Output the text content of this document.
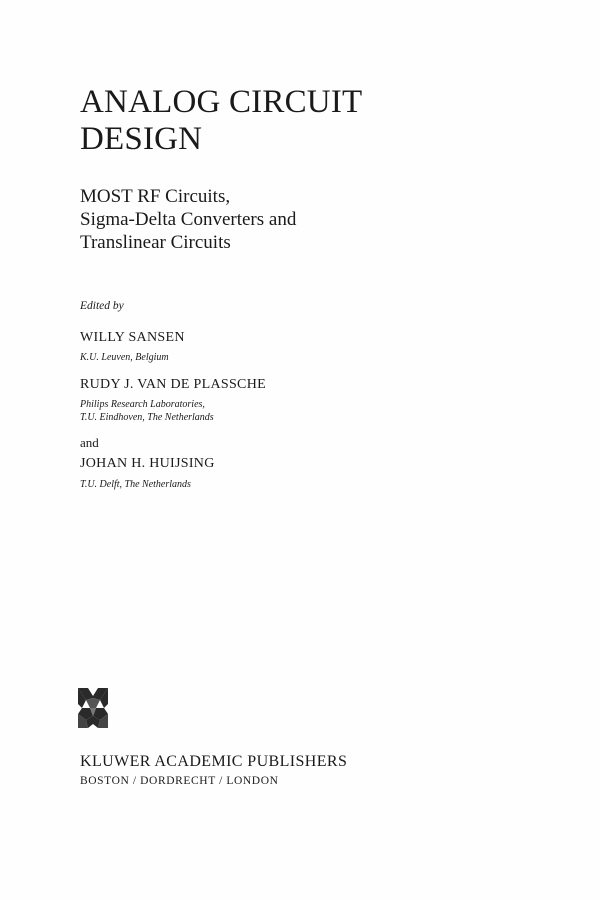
ANALOG CIRCUIT
DESIGN
MOST RF Circuits,
Sigma-Delta Converters and
Translinear Circuits
Edited by
WILLY SANSEN
K.U. Leuven, Belgium
RUDY J. VAN DE PLASSCHE
Philips Research Laboratories,
T.U. Eindhoven, The Netherlands
and
JOHAN H. HUIJSING
T.U. Delft, The Netherlands
KLUWER ACADEMIC PUBLISHERS
BOSTON / DORDRECHT / LONDON
